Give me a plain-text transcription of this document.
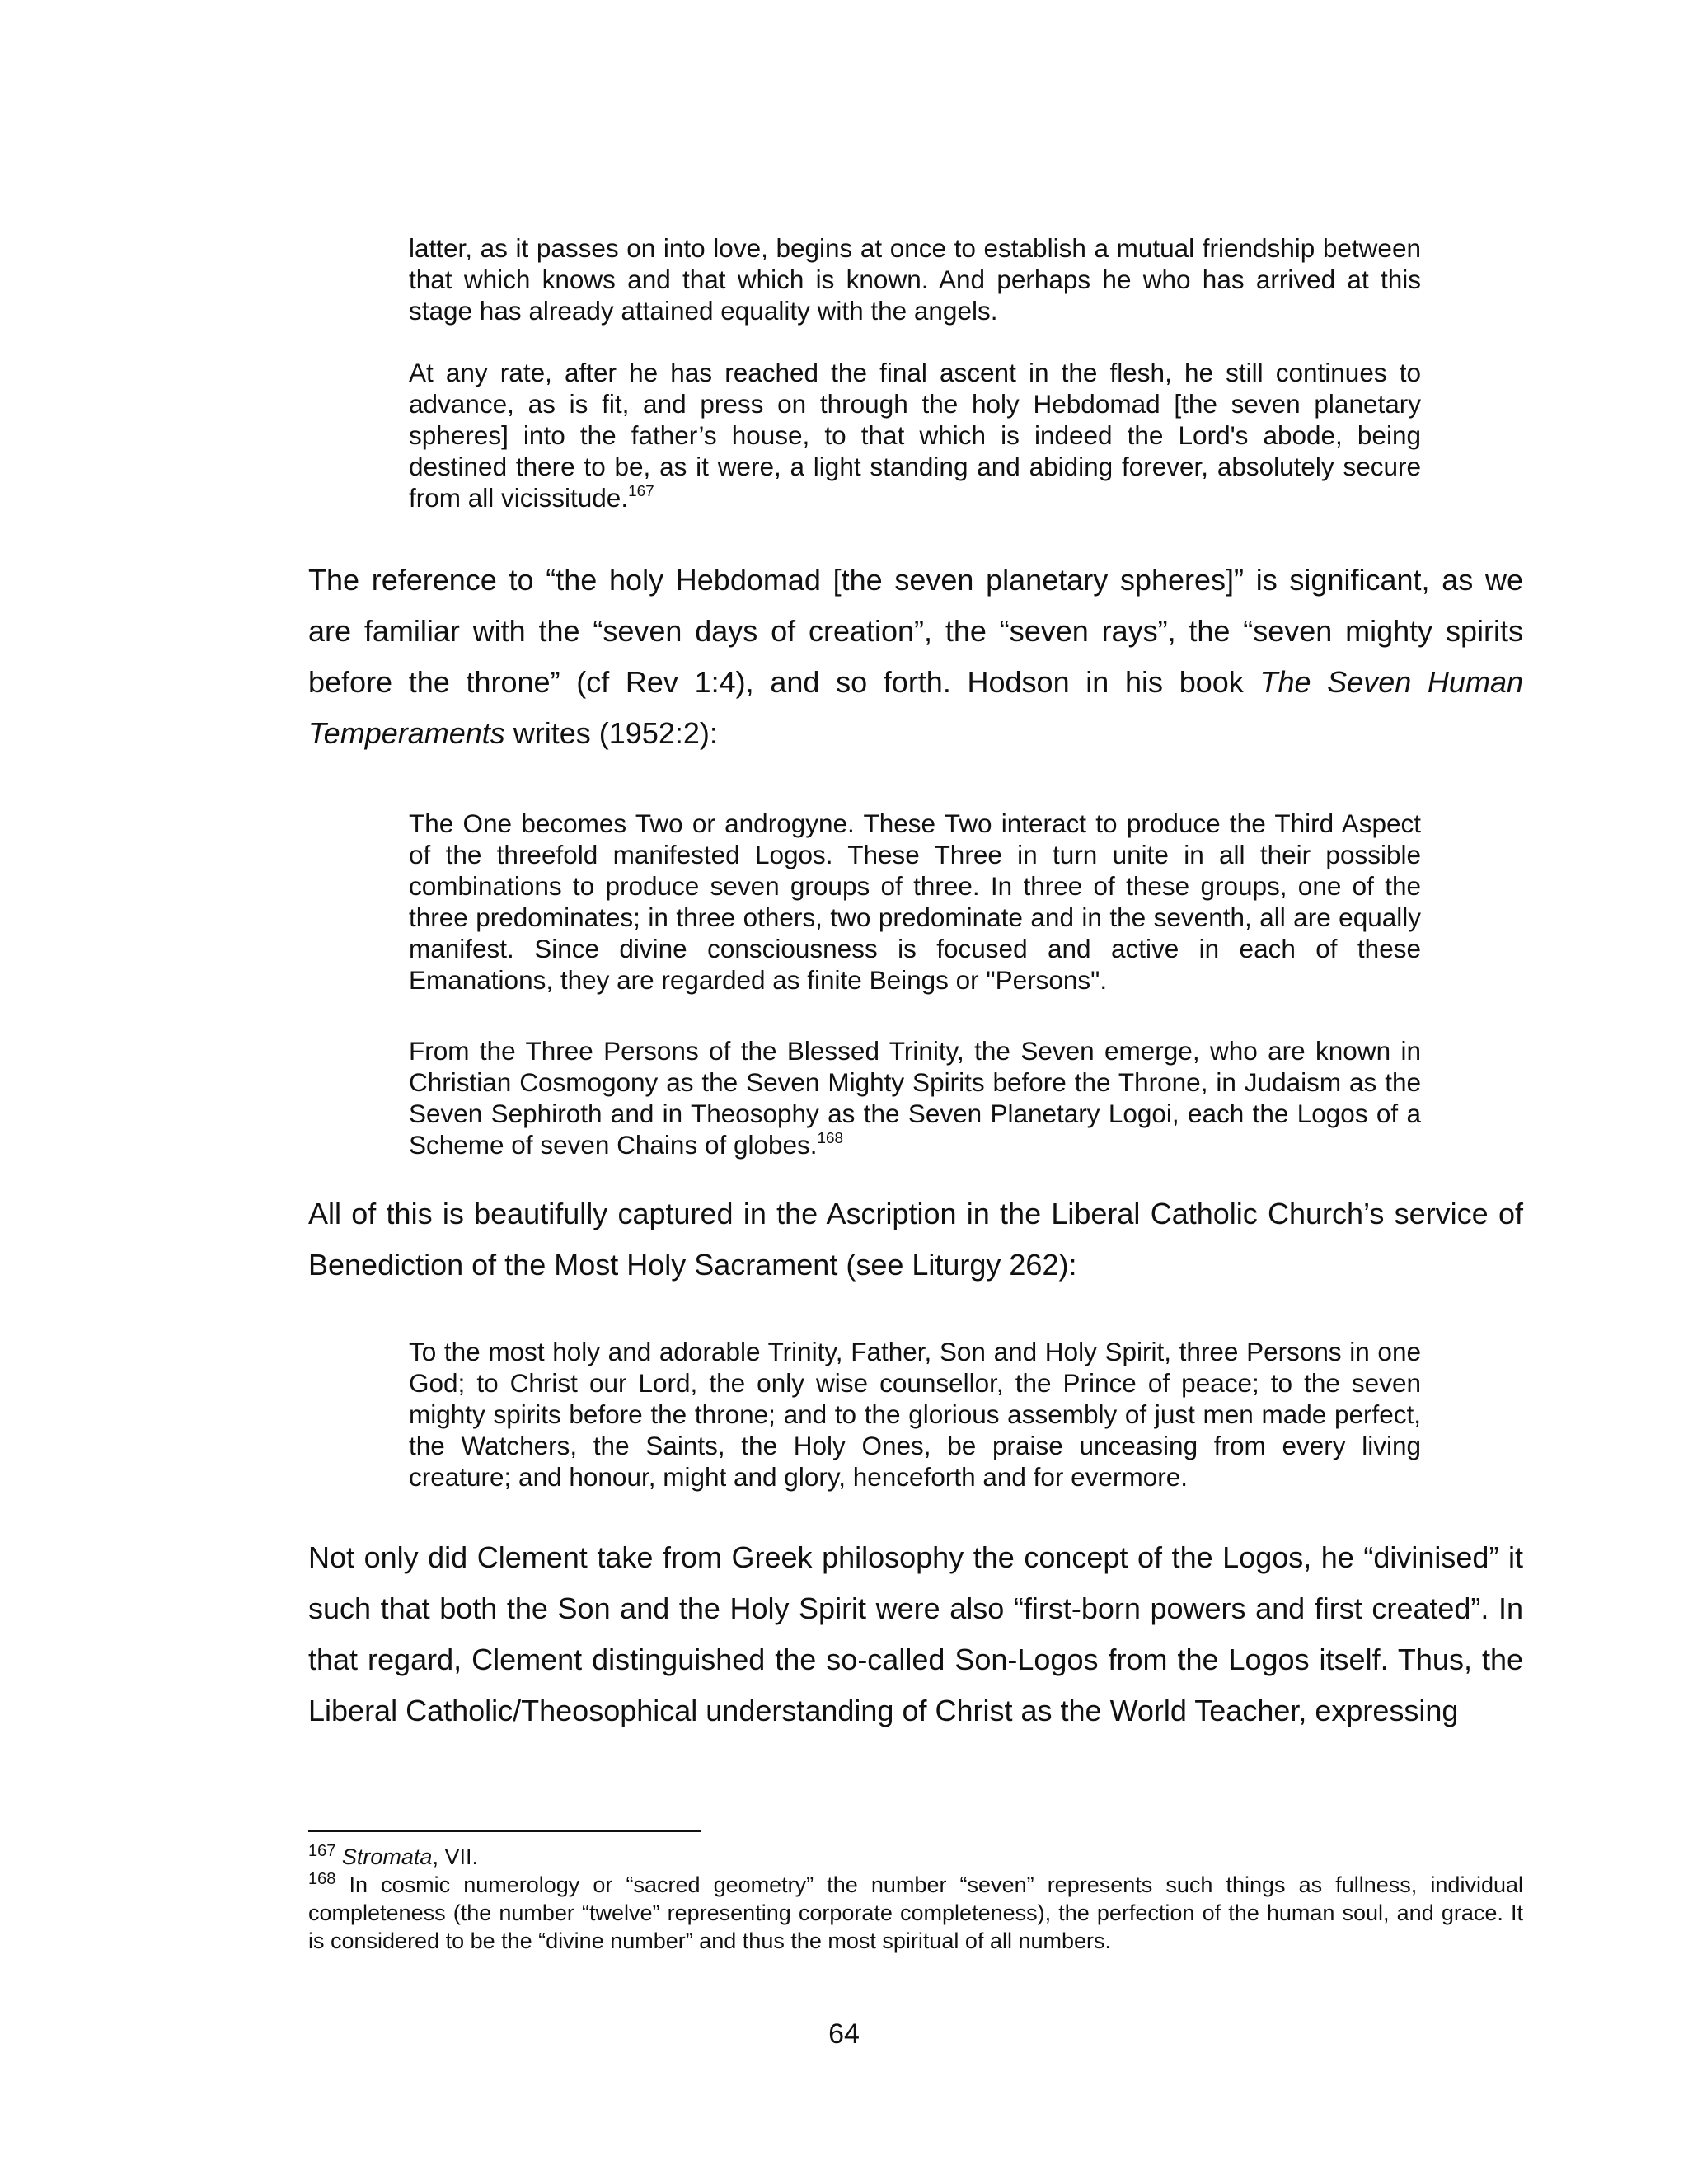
latter, as it passes on into love, begins at once to establish a mutual friendship between that which knows and that which is known. And perhaps he who has arrived at this stage has already attained equality with the angels.

At any rate, after he has reached the final ascent in the flesh, he still continues to advance, as is fit, and press on through the holy Hebdomad [the seven planetary spheres] into the father’s house, to that which is indeed the Lord's abode, being destined there to be, as it were, a light standing and abiding forever, absolutely secure from all vicissitude.$^{167}$

The reference to “the holy Hebdomad [the seven planetary spheres]” is significant, as we are familiar with the “seven days of creation”, the “seven rays”, the “seven mighty spirits before the throne” (cf Rev 1:4), and so forth. Hodson in his book The Seven Human Temperaments writes (1952:2):

The One becomes Two or androgyne. These Two interact to produce the Third Aspect of the threefold manifested Logos. These Three in turn unite in all their possible combinations to produce seven groups of three. In three of these groups, one of the three predominates; in three others, two predominate and in the seventh, all are equally manifest. Since divine consciousness is focused and active in each of these Emanations, they are regarded as finite Beings or "Persons".

From the Three Persons of the Blessed Trinity, the Seven emerge, who are known in Christian Cosmogony as the Seven Mighty Spirits before the Throne, in Judaism as the Seven Sephiroth and in Theosophy as the Seven Planetary Logoi, each the Logos of a Scheme of seven Chains of globes.$^{168}$

All of this is beautifully captured in the Ascription in the Liberal Catholic Church’s service of Benediction of the Most Holy Sacrament (see Liturgy 262):

To the most holy and adorable Trinity, Father, Son and Holy Spirit, three Persons in one God; to Christ our Lord, the only wise counsellor, the Prince of peace; to the seven mighty spirits before the throne; and to the glorious assembly of just men made perfect, the Watchers, the Saints, the Holy Ones, be praise unceasing from every living creature; and honour, might and glory, henceforth and for evermore.

Not only did Clement take from Greek philosophy the concept of the Logos, he “divinised” it such that both the Son and the Holy Spirit were also “first-born powers and first created”. In that regard, Clement distinguished the so-called Son-Logos from the Logos itself. Thus, the Liberal Catholic/Theosophical understanding of Christ as the World Teacher, expressing

$^{167}$ Stromata, VII.

$^{168}$ In cosmic numerology or “sacred geometry” the number “seven” represents such things as fullness, individual completeness (the number “twelve” representing corporate completeness), the perfection of the human soul, and grace. It is considered to be the “divine number” and thus the most spiritual of all numbers.

64
